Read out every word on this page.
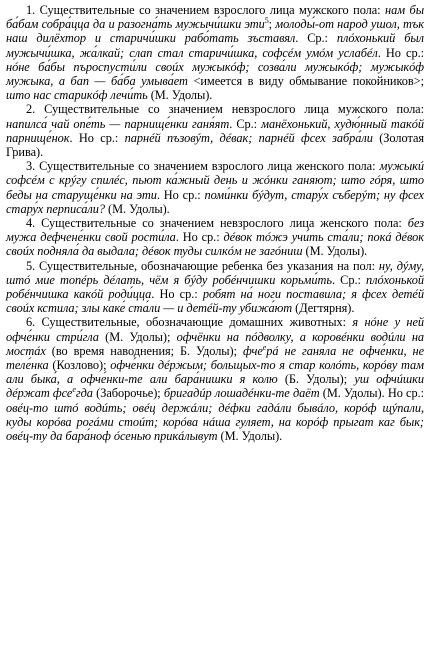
1. Существительные со значением взрослого лица мужского пола: нам бы ба́бам собра́цца да и разогна́ть мужычи́шки эти$^5$; молоды́-от народ ушол, тък наш дилёхтор и старичи́шки рабо́тать зъставял. Ср.: плóхонький был мужычи́шка, жа́лкай; слап стал старичи́шка, софсéм умóм услабéл. Но ср.: нóне ба́бы пъроспусти́ли своúх мужыкóф; созва́ли мужыкóф; мужыкóф мужыка, а бап — ба́ба умыва́ет <имеется в виду обмывание покойников>; што нас старикóф лечи́ть (М. Удолы).

2. Существительные со значением невзрослого лица мужского пола: напилса́ чай опе́ть — парнище́нки ганя́ят. Ср.: манёхонький, худю́нный такóй парнище́нок. Но ср.: парнéй пъзовýт, дéвак; парнéй фсех забра́ли (Золотая Грива).

3. Существительные со значением взрослого лица женского пола: мужыкú софсéм с крýгу спилéс, пьют ка́жный день и жóнки ганяют; што гóря, што беды на старуще́нки на эти. Но ср.: поми́нки бýдут, стару́х съберýт; ну фсех стару́х перписа́ли? (М. Удолы).

4. Существительные со значением невзрослого лица женского пола: без мужа дефчене́нки свой рости́ла. Но ср.: дéвок тóжэ учи́ть ста́ли; покá дéвок своúх подняла́ да выдала; дéвок туды силкóм не загóниш (М. Удолы).

5. Существительные, обозначающие ребенка без указания на пол: ну, дýму, штó мие топéрь дéлать, чём я бýду робéнчишки корьми́ть. Ср.: плóхонькой робéнчишка какóй роди́цца. Но ср.: робят на́ ноги поставила; я фсех детéй своúх кстила; злы каке́ ста́ли — и детéй-ту убижа́ют (Дегтярня).

6. Существительные, обозначающие домашних животных: я нóне у ней офче́нки стри́гла (М. Удолы); офчёнки на пóдволку, а коровéнки водúли на мостáх (во время наводнения; Б. Удолы); фче$^е$рá не ганяла не офче́нки, не теле́нка (Козлово); офче́нки дéржым; больщых-то я стар колóть, корóву там али быка́, а офче́нки-те али бара́нишки я колю (Б. Удолы); уш офчúшки дéржат фсе$^е$гда (Заборочье); бригадúр лошадéнки-те даёт (М. Удолы). Но ср.: овéц-то штó водúть; овéц держáли; дéфки гадáли бывáло, корóф щýпали, куды корóва рогáми стоúт; корóва нáша гуляет, на корóф прыгат каг бык; овéц-ту да бара́ноф óсенью прикáлывут (М. Удолы).
